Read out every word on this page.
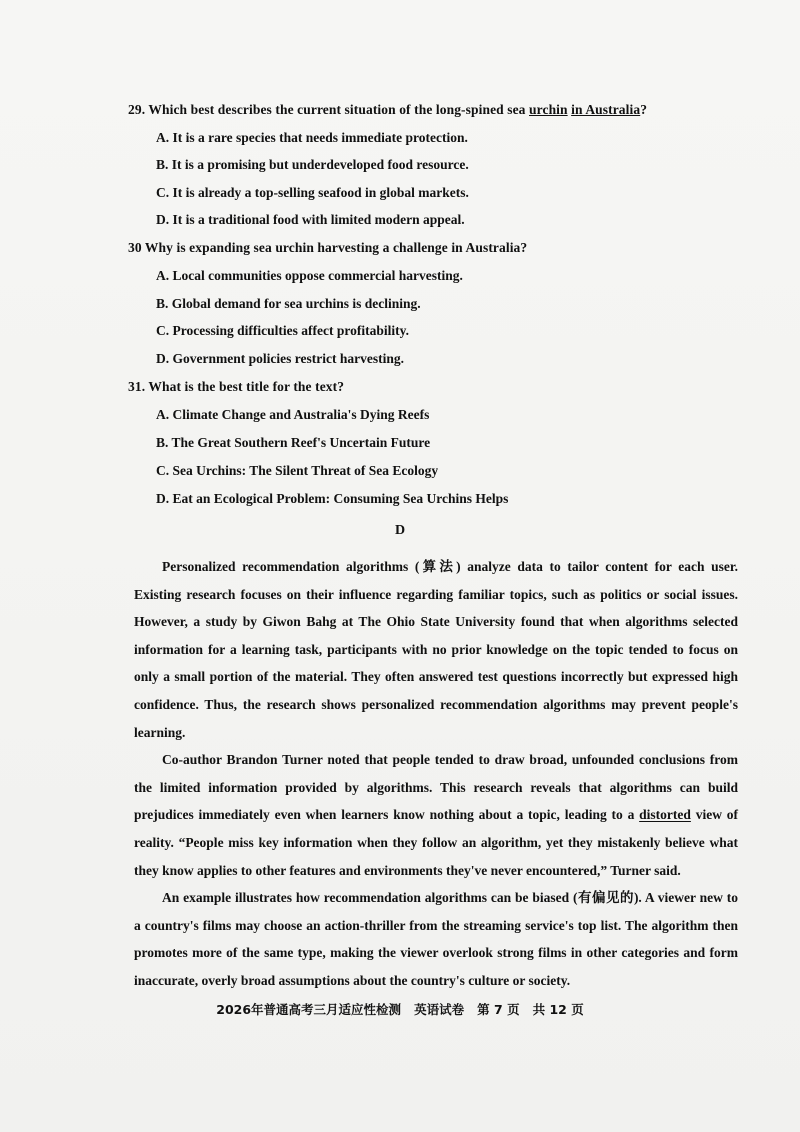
29. Which best describes the current situation of the long-spined sea urchin in Australia?
A. It is a rare species that needs immediate protection.
B. It is a promising but underdeveloped food resource.
C. It is already a top-selling seafood in global markets.
D. It is a traditional food with limited modern appeal.
30 Why is expanding sea urchin harvesting a challenge in Australia?
A. Local communities oppose commercial harvesting.
B. Global demand for sea urchins is declining.
C. Processing difficulties affect profitability.
D. Government policies restrict harvesting.
31. What is the best title for the text?
A. Climate Change and Australia's Dying Reefs
B. The Great Southern Reef's Uncertain Future
C. Sea Urchins: The Silent Threat of Sea Ecology
D. Eat an Ecological Problem: Consuming Sea Urchins Helps
D

Personalized recommendation algorithms (算法) analyze data to tailor content for each user. Existing research focuses on their influence regarding familiar topics, such as politics or social issues. However, a study by Giwon Bahg at The Ohio State University found that when algorithms selected information for a learning task, participants with no prior knowledge on the topic tended to focus on only a small portion of the material. They often answered test questions incorrectly but expressed high confidence. Thus, the research shows personalized recommendation algorithms may prevent people's learning.

Co-author Brandon Turner noted that people tended to draw broad, unfounded conclusions from the limited information provided by algorithms. This research reveals that algorithms can build prejudices immediately even when learners know nothing about a topic, leading to a distorted view of reality. “People miss key information when they follow an algorithm, yet they mistakenly believe what they know applies to other features and environments they've never encountered,” Turner said.

An example illustrates how recommendation algorithms can be biased (有偏见的). A viewer new to a country's films may choose an action-thriller from the streaming service's top list. The algorithm then promotes more of the same type, making the viewer overlook strong films in other categories and form inaccurate, overly broad assumptions about the country's culture or society.

2026年普通高考三月适应性检测   英语试卷   第 7 页   共 12 页
